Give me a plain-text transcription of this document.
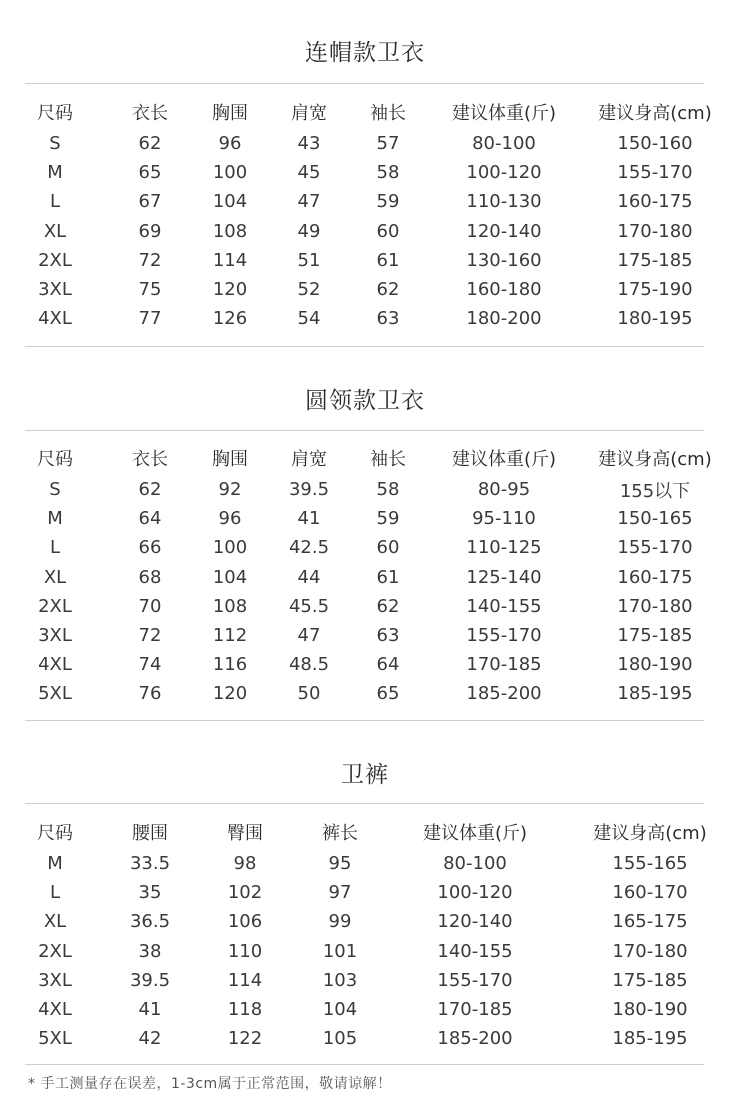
连帽款卫衣
尺码	衣长	胸围	肩宽	袖长	建议体重(斤)	建议身高(cm)
S	62	96	43	57	80-100	150-160
M	65	100	45	58	100-120	155-170
L	67	104	47	59	110-130	160-175
XL	69	108	49	60	120-140	170-180
2XL	72	114	51	61	130-160	175-185
3XL	75	120	52	62	160-180	175-190
4XL	77	126	54	63	180-200	180-195
圆领款卫衣
尺码	衣长	胸围	肩宽	袖长	建议体重(斤)	建议身高(cm)
S	62	92	39.5	58	80-95	155以下
M	64	96	41	59	95-110	150-165
L	66	100	42.5	60	110-125	155-170
XL	68	104	44	61	125-140	160-175
2XL	70	108	45.5	62	140-155	170-180
3XL	72	112	47	63	155-170	175-185
4XL	74	116	48.5	64	170-185	180-190
5XL	76	120	50	65	185-200	185-195
卫裤
尺码	腰围	臀围	裤长	建议体重(斤)	建议身高(cm)
M	33.5	98	95	80-100	155-165
L	35	102	97	100-120	160-170
XL	36.5	106	99	120-140	165-175
2XL	38	110	101	140-155	170-180
3XL	39.5	114	103	155-170	175-185
4XL	41	118	104	170-185	180-190
5XL	42	122	105	185-200	185-195
* 手工测量存在误差，1-3cm属于正常范围，敬请谅解！
